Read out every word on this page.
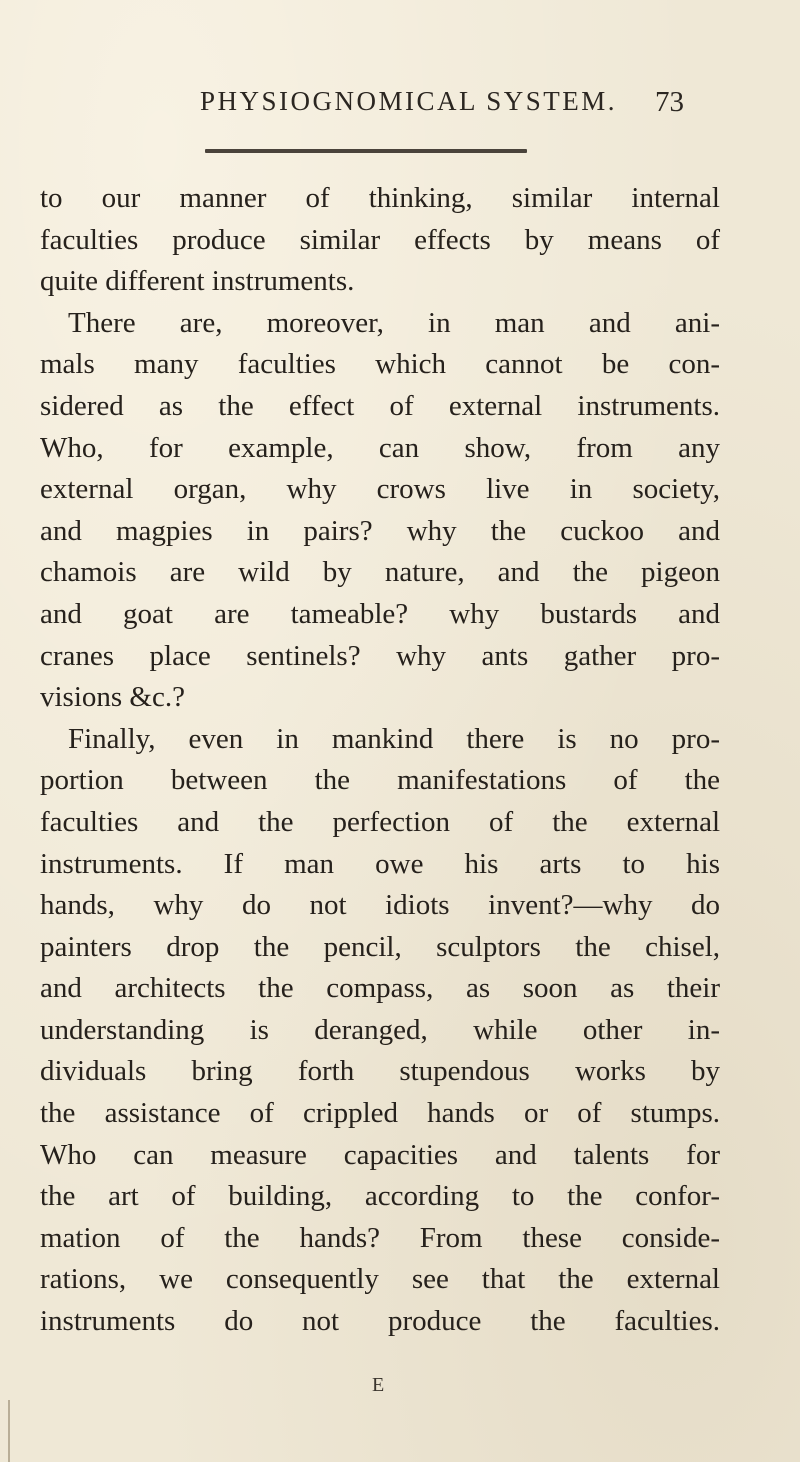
PHYSIOGNOMICAL SYSTEM. 73
to our manner of thinking, similar internal
faculties produce similar effects by means of
quite different instruments.
There are, moreover, in man and ani-
mals many faculties which cannot be con-
sidered as the effect of external instruments.
Who, for example, can show, from any
external organ, why crows live in society,
and magpies in pairs? why the cuckoo and
chamois are wild by nature, and the pigeon
and goat are tameable? why bustards and
cranes place sentinels? why ants gather pro-
visions &c.?
Finally, even in mankind there is no pro-
portion between the manifestations of the
faculties and the perfection of the external
instruments. If man owe his arts to his
hands, why do not idiots invent?—why do
painters drop the pencil, sculptors the chisel,
and architects the compass, as soon as their
understanding is deranged, while other in-
dividuals bring forth stupendous works by
the assistance of crippled hands or of stumps.
Who can measure capacities and talents for
the art of building, according to the confor-
mation of the hands? From these conside-
rations, we consequently see that the external
instruments do not produce the faculties.
E
